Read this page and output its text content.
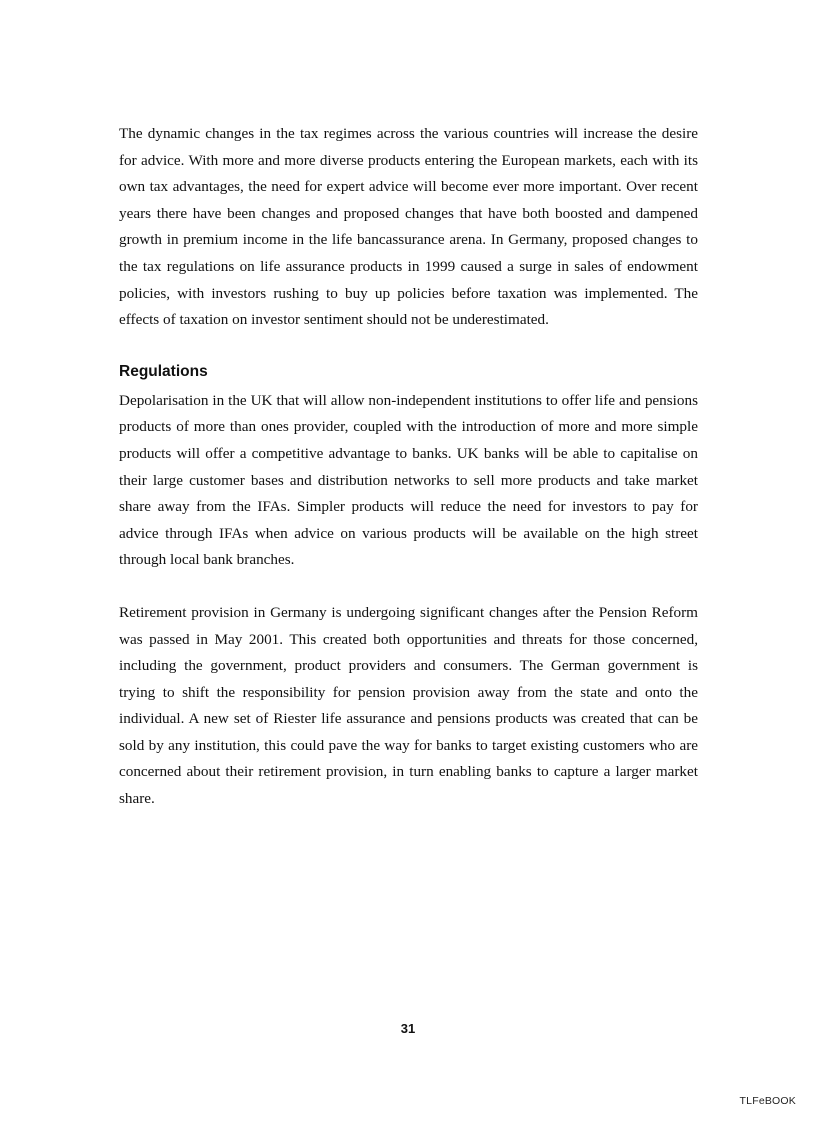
The dynamic changes in the tax regimes across the various countries will increase the desire for advice. With more and more diverse products entering the European markets, each with its own tax advantages, the need for expert advice will become ever more important. Over recent years there have been changes and proposed changes that have both boosted and dampened growth in premium income in the life bancassurance arena. In Germany, proposed changes to the tax regulations on life assurance products in 1999 caused a surge in sales of endowment policies, with investors rushing to buy up policies before taxation was implemented. The effects of taxation on investor sentiment should not be underestimated.

Regulations

Depolarisation in the UK that will allow non-independent institutions to offer life and pensions products of more than ones provider, coupled with the introduction of more and more simple products will offer a competitive advantage to banks. UK banks will be able to capitalise on their large customer bases and distribution networks to sell more products and take market share away from the IFAs. Simpler products will reduce the need for investors to pay for advice through IFAs when advice on various products will be available on the high street through local bank branches.

Retirement provision in Germany is undergoing significant changes after the Pension Reform was passed in May 2001. This created both opportunities and threats for those concerned, including the government, product providers and consumers. The German government is trying to shift the responsibility for pension provision away from the state and onto the individual. A new set of Riester life assurance and pensions products was created that can be sold by any institution, this could pave the way for banks to target existing customers who are concerned about their retirement provision, in turn enabling banks to capture a larger market share.

31
TLFeBOOK
